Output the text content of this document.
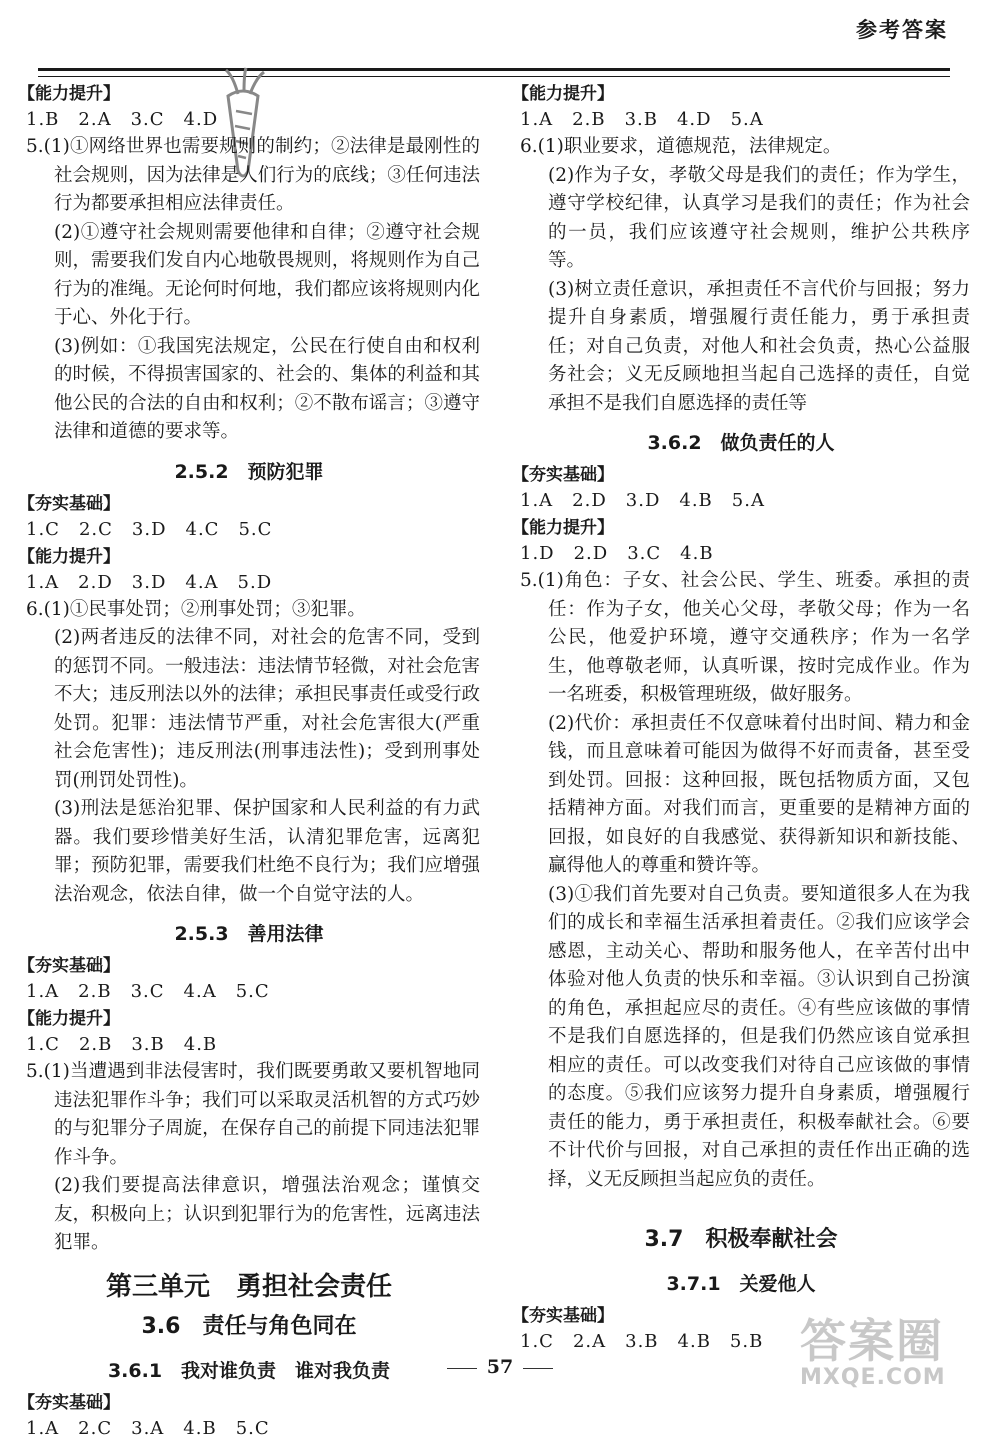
参考答案
【能力提升】
1.B　2.A　3.C　4.D

5.(1)①网络世界也需要规则的制约；②法律是最刚性的社会规则，因为法律是人们行为的底线；③任何违法行为都要承担相应法律责任。

(2)①遵守社会规则需要他律和自律；②遵守社会规则，需要我们发自内心地敬畏规则，将规则作为自己行为的准绳。无论何时何地，我们都应该将规则内化于心、外化于行。

(3)例如：①我国宪法规定，公民在行使自由和权利的时候，不得损害国家的、社会的、集体的利益和其他公民的合法的自由和权利；②不散布谣言；③遵守法律和道德的要求等。

2.5.2　预防犯罪
【夯实基础】
1.C　2.C　3.D　4.C　5.C
【能力提升】
1.A　2.D　3.D　4.A　5.D

6.(1)①民事处罚；②刑事处罚；③犯罪。

(2)两者违反的法律不同，对社会的危害不同，受到的惩罚不同。一般违法：违法情节轻微，对社会危害不大；违反刑法以外的法律；承担民事责任或受行政处罚。犯罪：违法情节严重，对社会危害很大(严重社会危害性)；违反刑法(刑事违法性)；受到刑事处罚(刑罚处罚性)。

(3)刑法是惩治犯罪、保护国家和人民利益的有力武器。我们要珍惜美好生活，认清犯罪危害，远离犯罪；预防犯罪，需要我们杜绝不良行为；我们应增强法治观念，依法自律，做一个自觉守法的人。

2.5.3　善用法律
【夯实基础】
1.A　2.B　3.C　4.A　5.C
【能力提升】
1.C　2.B　3.B　4.B

5.(1)当遭遇到非法侵害时，我们既要勇敢又要机智地同违法犯罪作斗争；我们可以采取灵活机智的方式巧妙的与犯罪分子周旋，在保存自己的前提下同违法犯罪作斗争。

(2)我们要提高法律意识，增强法治观念；谨慎交友，积极向上；认识到犯罪行为的危害性，远离违法犯罪。

第三单元　勇担社会责任
3.6　责任与角色同在
3.6.1　我对谁负责　谁对我负责
【夯实基础】
1.A　2.C　3.A　4.B　5.C
【能力提升】
1.A　2.B　3.B　4.D　5.A

6.(1)职业要求，道德规范，法律规定。

(2)作为子女，孝敬父母是我们的责任；作为学生，遵守学校纪律，认真学习是我们的责任；作为社会的一员，我们应该遵守社会规则，维护公共秩序等。

(3)树立责任意识，承担责任不言代价与回报；努力提升自身素质，增强履行责任能力，勇于承担责任；对自己负责，对他人和社会负责，热心公益服务社会；义无反顾地担当起自己选择的责任，自觉承担不是我们自愿选择的责任等

3.6.2　做负责任的人
【夯实基础】
1.A　2.D　3.D　4.B　5.A
【能力提升】
1.D　2.D　3.C　4.B

5.(1)角色：子女、社会公民、学生、班委。承担的责任：作为子女，他关心父母，孝敬父母；作为一名公民，他爱护环境，遵守交通秩序；作为一名学生，他尊敬老师，认真听课，按时完成作业。作为一名班委，积极管理班级，做好服务。

(2)代价：承担责任不仅意味着付出时间、精力和金钱，而且意味着可能因为做得不好而责备，甚至受到处罚。回报：这种回报，既包括物质方面，又包括精神方面。对我们而言，更重要的是精神方面的回报，如良好的自我感觉、获得新知识和新技能、赢得他人的尊重和赞许等。

(3)①我们首先要对自己负责。要知道很多人在为我们的成长和幸福生活承担着责任。②我们应该学会感恩，主动关心、帮助和服务他人，在辛苦付出中体验对他人负责的快乐和幸福。③认识到自己扮演的角色，承担起应尽的责任。④有些应该做的事情不是我们自愿选择的，但是我们仍然应该自觉承担相应的责任。可以改变我们对待自己应该做的事情的态度。⑤我们应该努力提升自身素质，增强履行责任的能力，勇于承担责任，积极奉献社会。⑥要不计代价与回报，对自己承担的责任作出正确的选择，义无反顾担当起应负的责任。

3.7　积极奉献社会
3.7.1　关爱他人
【夯实基础】
1.C　2.A　3.B　4.B　5.B
57	答案圈
MXQE.COM
